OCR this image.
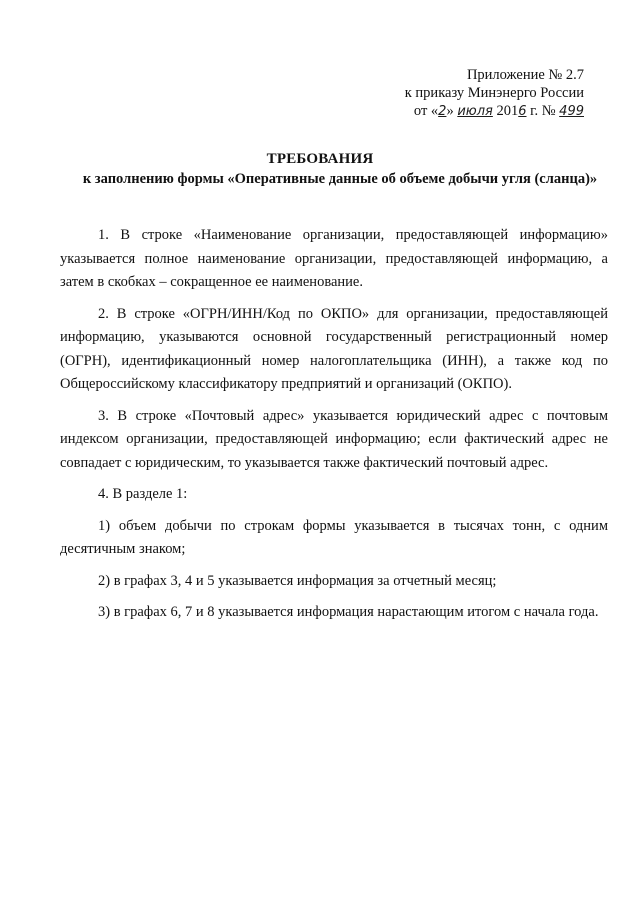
Приложение № 2.7
к приказу Минэнерго России
от «2» июля 2016 г. № 499
ТРЕБОВАНИЯ
к заполнению формы «Оперативные данные об объеме добычи угля (сланца)»

1. В строке «Наименование организации, предоставляющей информацию» указывается полное наименование организации, предоставляющей информацию, а затем в скобках – сокращенное ее наименование.

2. В строке «ОГРН/ИНН/Код по ОКПО» для организации, предоставляющей информацию, указываются основной государственный регистрационный номер (ОГРН), идентификационный номер налогоплательщика (ИНН), а также код по Общероссийскому классификатору предприятий и организаций (ОКПО).

3. В строке «Почтовый адрес» указывается юридический адрес с почтовым индексом организации, предоставляющей информацию; если фактический адрес не совпадает с юридическим, то указывается также фактический почтовый адрес.

4. В разделе 1:

1) объем добычи по строкам формы указывается в тысячах тонн, с одним десятичным знаком;

2) в графах 3, 4 и 5 указывается информация за отчетный месяц;

3) в графах 6, 7 и 8 указывается информация нарастающим итогом с начала года.
